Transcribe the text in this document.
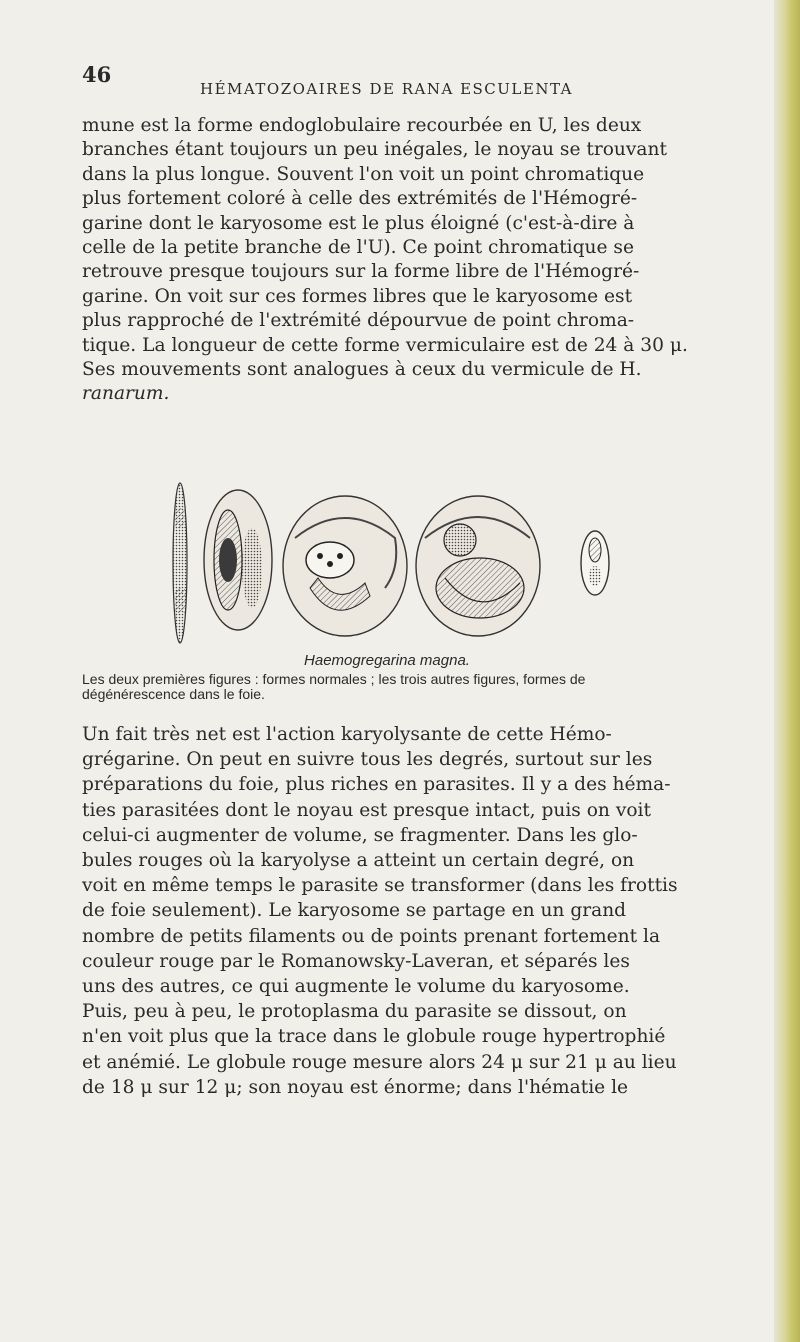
46
HÉMATOZOAIRES DE RANA ESCULENTA

mune est la forme endoglobulaire recourbée en U, les deux
branches étant toujours un peu inégales, le noyau se trouvant
dans la plus longue. Souvent l'on voit un point chromatique
plus fortement coloré à celle des extrémités de l'Hémogré-
garine dont le karyosome est le plus éloigné (c'est-à-dire à
celle de la petite branche de l'U). Ce point chromatique se
retrouve presque toujours sur la forme libre de l'Hémogré-
garine. On voit sur ces formes libres que le karyosome est
plus rapproché de l'extrémité dépourvue de point chroma-
tique. La longueur de cette forme vermiculaire est de 24 à 30 μ.
Ses mouvements sont analogues à ceux du vermicule de H.
ranarum.

Haemogregarina magna.
Les deux premières figures : formes normales ; les trois autres figures, formes de
dégénérescence dans le foie.

Un fait très net est l'action karyolysante de cette Hémo-
grégarine. On peut en suivre tous les degrés, surtout sur les
préparations du foie, plus riches en parasites. Il y a des héma-
ties parasitées dont le noyau est presque intact, puis on voit
celui-ci augmenter de volume, se fragmenter. Dans les glo-
bules rouges où la karyolyse a atteint un certain degré, on
voit en même temps le parasite se transformer (dans les frottis
de foie seulement). Le karyosome se partage en un grand
nombre de petits filaments ou de points prenant fortement la
couleur rouge par le Romanowsky-Laveran, et séparés les
uns des autres, ce qui augmente le volume du karyosome.
Puis, peu à peu, le protoplasma du parasite se dissout, on
n'en voit plus que la trace dans le globule rouge hypertrophié
et anémié. Le globule rouge mesure alors 24 μ sur 21 μ au lieu
de 18 μ sur 12 μ; son noyau est énorme; dans l'hématie le
